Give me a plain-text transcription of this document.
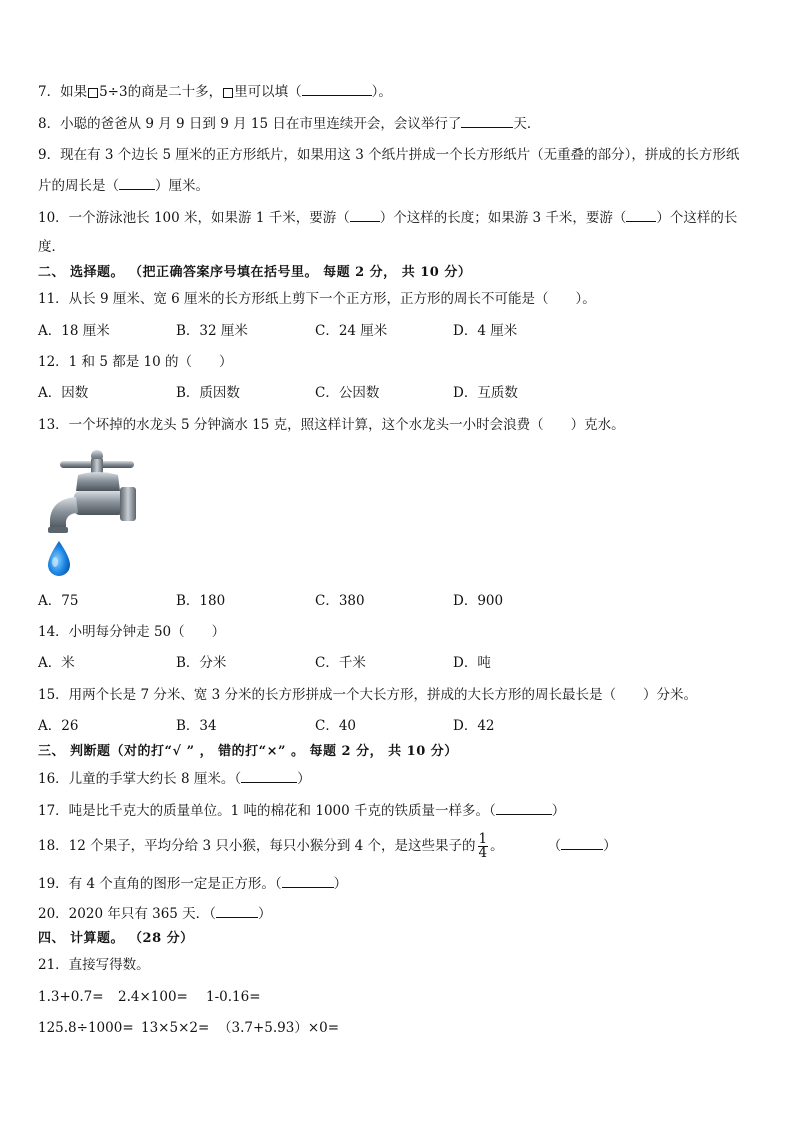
7．如果 5÷3的商是二十多， 里可以填（	）。
8．小聪的爸爸从 9 月 9 日到 9 月 15 日在市里连续开会，会议举行了	天．
9．现在有 3 个边长 5 厘米的正方形纸片，如果用这 3 个纸片拼成一个长方形纸片（无重叠的部分），拼成的长方形纸
片的周长是（	）厘米。
10．一个游泳池长 100 米，如果游 1 千米，要游（ ）个这样的长度；如果游 3 千米，要游（ ）个这样的长
度．
二、 选择题。 （把正确答案序号填在括号里。 每题 2 分， 共 10 分）
11．从长 9 厘米、宽 6 厘米的长方形纸上剪下一个正方形，正方形的周长不可能是（　　）。
A．18 厘米	B．32 厘米	C．24 厘米	D．4 厘米
12．1 和 5 都是 10 的（　　）
A．因数	B．质因数	C．公因数	D．互质数
13．一个坏掉的水龙头 5 分钟滴水 15 克，照这样计算，这个水龙头一小时会浪费（　　）克水。
A．75	B．180	C．380	D．900
14．小明每分钟走 50（　　）
A．米	B．分米	C．千米	D．吨
15．用两个长是 7 分米、宽 3 分米的长方形拼成一个大长方形，拼成的大长方形的周长最长是（　　）分米。
A．26	B．34	C．40	D．42
三、 判断题（对的打“√ ” ， 错的打“×” 。 每题 2 分， 共 10 分）
16．儿童的手掌大约长 8 厘米。（	）
17．吨是比千克大的质量单位。1 吨的棉花和 1000 千克的铁质量一样多。（	）
18．12 个果子，平均分给 3 只小猴，每只小猴分到 4 个，是这些果子的 $\frac{1}{4}$ 。	（	）
19．有 4 个直角的图形一定是正方形。（	）
20．2020 年只有 365 天．（	）
四、 计算题。 （28 分）
21．直接写得数。
1.3+0.7= 2.4×100= 1-0.16=
125.8÷1000= 13×5×2= （3.7+5.93）×0=
